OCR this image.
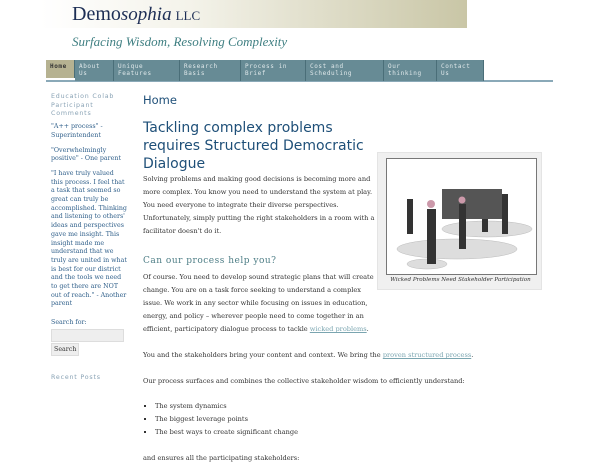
Demosophia LLC
Surfacing Wisdom, Resolving Complexity
Home	About Us
Unique Features
Research Basis
Process in Brief
Cost and Scheduling
Our thinking
Contact Us
Education Colab Participant Comments
"A++ process" - Superintendent
"Overwhelmingly positive" - One parent
"I have truly valued this process. I feel that a task that seemed so great can truly be accomplished. Thinking and listening to others' ideas and perspectives gave me insight. This insight made me understand that we truly are united in what is best for our district and the tools we need to get there are NOT out of reach." - Another parent
Search for:
Search
Recent Posts
Home
Tackling complex problems requires Structured Democratic Dialogue
Solving problems and making good decisions is becoming more and more complex. You know you need to understand the system at play. You need everyone to integrate their diverse perspectives. Unfortunately, simply putting the right stakeholders in a room with a facilitator doesn't do it.
Can our process help you?
Of course. You need to develop sound strategic plans that will create change. You are on a task force seeking to understand a complex issue. We work in any sector while focusing on issues in education, energy, and policy – wherever people need to come together in an efficient, participatory dialogue process to tackle wicked problems.
You and the stakeholders bring your content and context. We bring the proven structured process.
Our process surfaces and combines the collective stakeholder wisdom to efficiently understand:
▪ The system dynamics
▪ The biggest leverage points
▪ The best ways to create significant change
and ensures all the participating stakeholders:
Wicked Problems Need Stakeholder Participation
